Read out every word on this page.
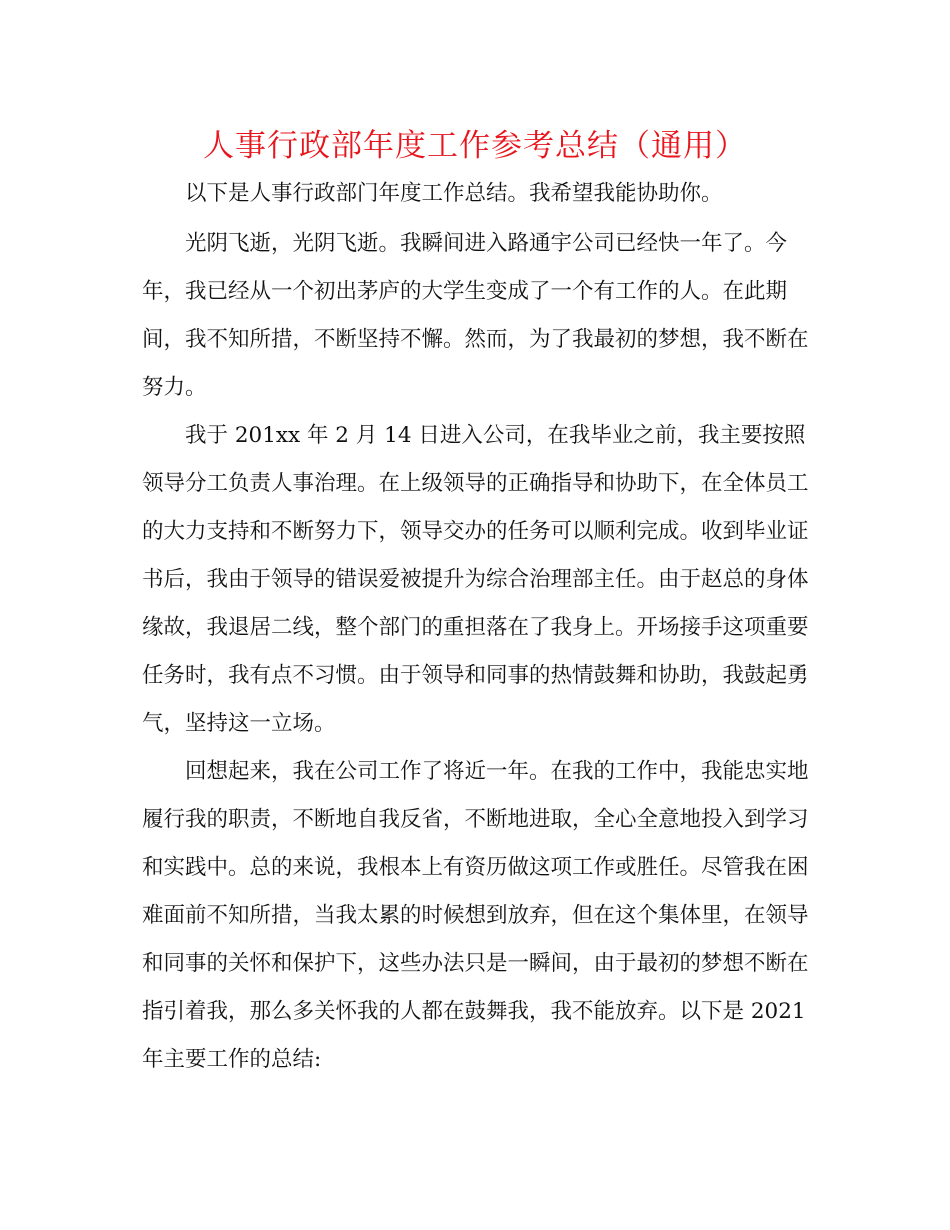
人事行政部年度工作参考总结（通用）

以下是人事行政部门年度工作总结。我希望我能协助你。

光阴飞逝，光阴飞逝。我瞬间进入路通宇公司已经快一年了。今年，我已经从一个初出茅庐的大学生变成了一个有工作的人。在此期间，我不知所措，不断坚持不懈。然而，为了我最初的梦想，我不断在努力。

我于 201xx 年 2 月 14 日进入公司，在我毕业之前，我主要按照领导分工负责人事治理。在上级领导的正确指导和协助下，在全体员工的大力支持和不断努力下，领导交办的任务可以顺利完成。收到毕业证书后，我由于领导的错误爱被提升为综合治理部主任。由于赵总的身体缘故，我退居二线，整个部门的重担落在了我身上。开场接手这项重要任务时，我有点不习惯。由于领导和同事的热情鼓舞和协助，我鼓起勇气，坚持这一立场。

回想起来，我在公司工作了将近一年。在我的工作中，我能忠实地履行我的职责，不断地自我反省，不断地进取，全心全意地投入到学习和实践中。总的来说，我根本上有资历做这项工作或胜任。尽管我在困难面前不知所措，当我太累的时候想到放弃，但在这个集体里，在领导和同事的关怀和保护下，这些办法只是一瞬间，由于最初的梦想不断在指引着我，那么多关怀我的人都在鼓舞我，我不能放弃。以下是 2021 年主要工作的总结:
